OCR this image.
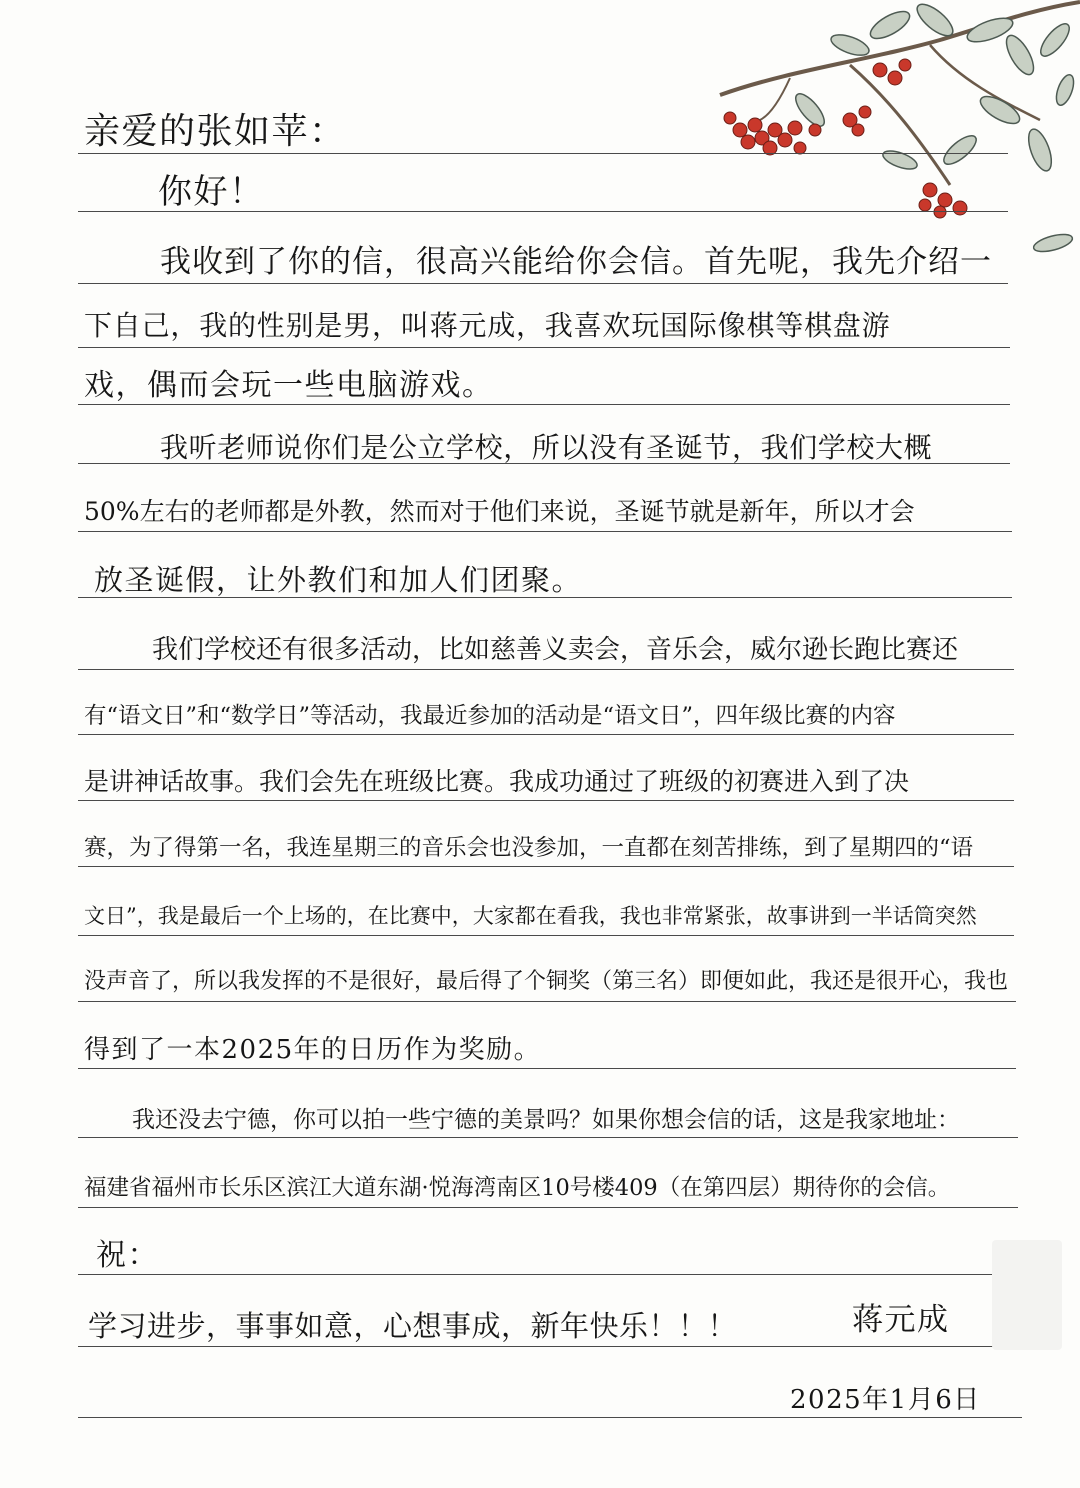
亲爱的张如苹：
你好！
我收到了你的信，很高兴能给你会信。首先呢，我先介绍一
下自己，我的性别是男，叫蒋元成，我喜欢玩国际像棋等棋盘游
戏，偶而会玩一些电脑游戏。
我听老师说你们是公立学校，所以没有圣诞节，我们学校大概
50%左右的老师都是外教，然而对于他们来说，圣诞节就是新年，所以才会
放圣诞假，让外教们和加人们团聚。
我们学校还有很多活动，比如慈善义卖会，音乐会，威尔逊长跑比赛还
有“语文日”和“数学日”等活动，我最近参加的活动是“语文日”，四年级比赛的内容
是讲神话故事。我们会先在班级比赛。我成功通过了班级的初赛进入到了决
赛，为了得第一名，我连星期三的音乐会也没参加，一直都在刻苦排练，到了星期四的“语
文日”，我是最后一个上场的，在比赛中，大家都在看我，我也非常紧张，故事讲到一半话筒突然
没声音了，所以我发挥的不是很好，最后得了个铜奖（第三名）即便如此，我还是很开心，我也
得到了一本2025年的日历作为奖励。
我还没去宁德，你可以拍一些宁德的美景吗？如果你想会信的话，这是我家地址：
福建省福州市长乐区滨江大道东湖·悦海湾南区10号楼409（在第四层）期待你的会信。
祝：
学习进步，事事如意，心想事成，新年快乐！！！	蒋元成
2025年1月6日
